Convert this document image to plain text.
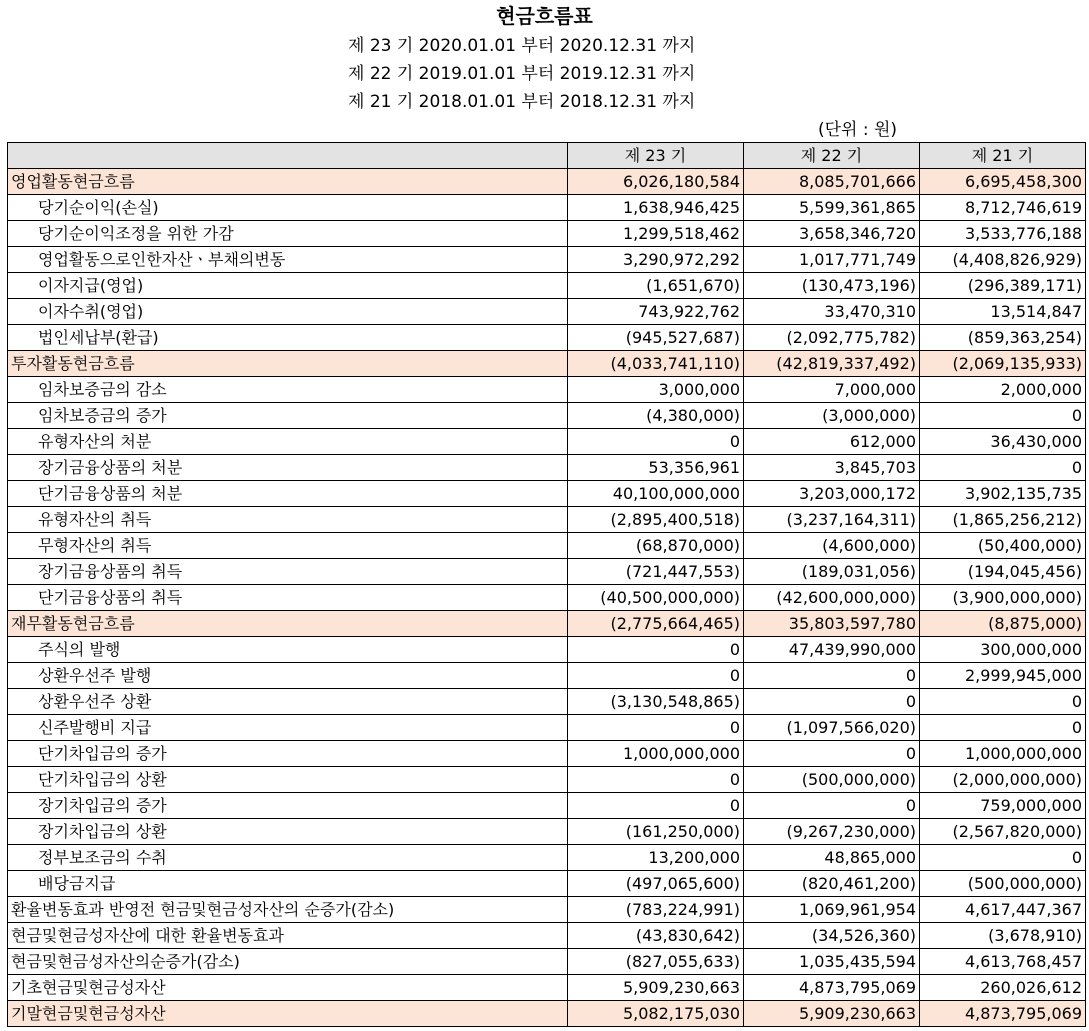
현금흐름표
제 23 기 2020.01.01 부터 2020.12.31 까지
제 22 기 2019.01.01 부터 2019.12.31 까지
제 21 기 2018.01.01 부터 2018.12.31 까지
(단위 : 원)
	제 23 기	제 22 기	제 21 기
영업활동현금흐름	6,026,180,584	8,085,701,666	6,695,458,300
당기순이익(손실)	1,638,946,425	5,599,361,865	8,712,746,619
당기순이익조정을 위한 가감	1,299,518,462	3,658,346,720	3,533,776,188
영업활동으로인한자산ㆍ부채의변동	3,290,972,292	1,017,771,749	(4,408,826,929)
이자지급(영업)	(1,651,670)	(130,473,196)	(296,389,171)
이자수취(영업)	743,922,762	33,470,310	13,514,847
법인세납부(환급)	(945,527,687)	(2,092,775,782)	(859,363,254)
투자활동현금흐름	(4,033,741,110)	(42,819,337,492)	(2,069,135,933)
임차보증금의 감소	3,000,000	7,000,000	2,000,000
임차보증금의 증가	(4,380,000)	(3,000,000)	0
유형자산의 처분	0	612,000	36,430,000
장기금융상품의 처분	53,356,961	3,845,703	0
단기금융상품의 처분	40,100,000,000	3,203,000,172	3,902,135,735
유형자산의 취득	(2,895,400,518)	(3,237,164,311)	(1,865,256,212)
무형자산의 취득	(68,870,000)	(4,600,000)	(50,400,000)
장기금융상품의 취득	(721,447,553)	(189,031,056)	(194,045,456)
단기금융상품의 취득	(40,500,000,000)	(42,600,000,000)	(3,900,000,000)
재무활동현금흐름	(2,775,664,465)	35,803,597,780	(8,875,000)
주식의 발행	0	47,439,990,000	300,000,000
상환우선주 발행	0	0	2,999,945,000
상환우선주 상환	(3,130,548,865)	0	0
신주발행비 지급	0	(1,097,566,020)	0
단기차입금의 증가	1,000,000,000	0	1,000,000,000
단기차입금의 상환	0	(500,000,000)	(2,000,000,000)
장기차입금의 증가	0	0	759,000,000
장기차입금의 상환	(161,250,000)	(9,267,230,000)	(2,567,820,000)
정부보조금의 수취	13,200,000	48,865,000	0
배당금지급	(497,065,600)	(820,461,200)	(500,000,000)
환율변동효과 반영전 현금및현금성자산의 순증가(감소)	(783,224,991)	1,069,961,954	4,617,447,367
현금및현금성자산에 대한 환율변동효과	(43,830,642)	(34,526,360)	(3,678,910)
현금및현금성자산의순증가(감소)	(827,055,633)	1,035,435,594	4,613,768,457
기초현금및현금성자산	5,909,230,663	4,873,795,069	260,026,612
기말현금및현금성자산	5,082,175,030	5,909,230,663	4,873,795,069
